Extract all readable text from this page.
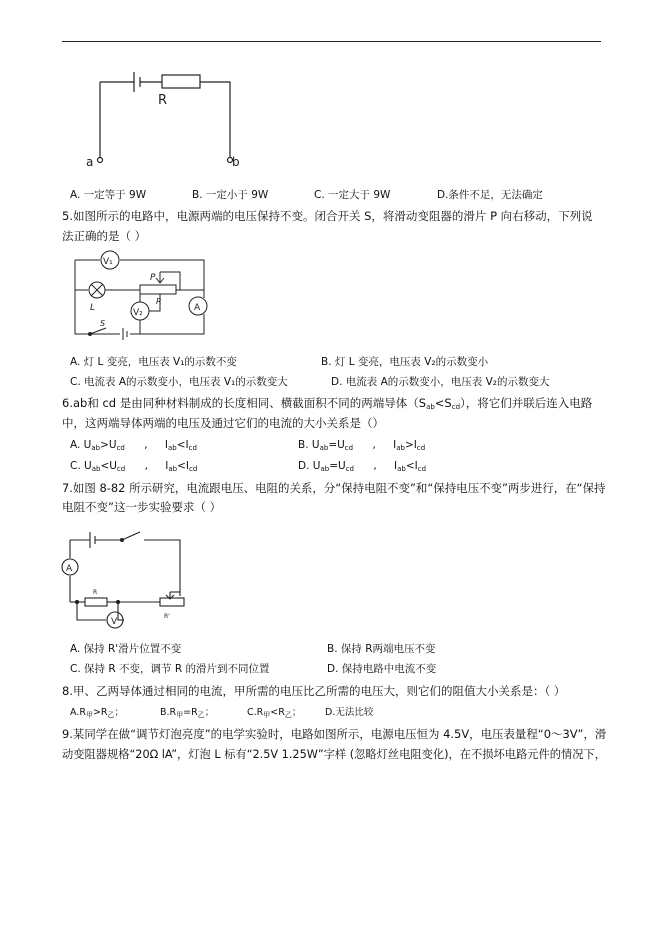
R
a	b
A. 一定等于 9W	B. 一定小于 9W	C. 一定大于 9W	D.条件不足，无法确定
5.如图所示的电路中，电源两端的电压保持不变。闭合开关 S，将滑动变阻器的滑片 P 向右移动，下列说
法正确的是（ ）
V₁
V₂
P
R
L	A
S
A. 灯 L 变亮，电压表 V₁的示数不变	B. 灯 L 变亮，电压表 V₂的示数变小
C. 电流表 A的示数变小，电压表 V₁的示数变大	D. 电流表 A的示数变小，电压表 V₂的示数变大
6.ab和 cd 是由同种材料制成的长度相同、横截面积不同的两端导体$(S_{ab}<S_{cd})$，将它们并联后连入电路
中，这两端导体两端的电压及通过它们的电流的大小关系是（）
A. $U_{ab}>U_{cd}$ , $I_{ab}<I_{cd}$	B. $U_{ab}=U_{cd}$ , $I_{ab}>I_{cd}$
C. $U_{ab}<U_{cd}$ , $I_{ab}<I_{cd}$	D. $U_{ab}=U_{cd}$ , $I_{ab}<I_{cd}$
7.如图 8-82 所示研究，电流跟电压、电阻的关系，分“保持电阻不变”和“保持电压不变”两步进行，在“保持
电阻不变”这一步实验要求（ ）
A
V
R
R'
A. 保持 R'滑片位置不变	B. 保持 R两端电压不变
C. 保持 R 不变，调节 R 的滑片到不同位置	D. 保持电路中电流不变
8.甲、乙两导体通过相同的电流，甲所需的电压比乙所需的电压大，则它们的阻值大小关系是：（ ）
$A.R_甲>R_乙$；	$B.R_甲=R_乙$；	$C.R_甲<R_乙$； D.无法比较
9.某同学在做“调节灯泡亮度”的电学实验时，电路如图所示，电源电压恒为 4.5V，电压表量程“0～3V”，滑
动变阻器规格“20Ω lA”，灯泡 L 标有“2.5V 1.25W”字样 (忽略灯丝电阻变化)，在不损坏电路元件的情况下，
